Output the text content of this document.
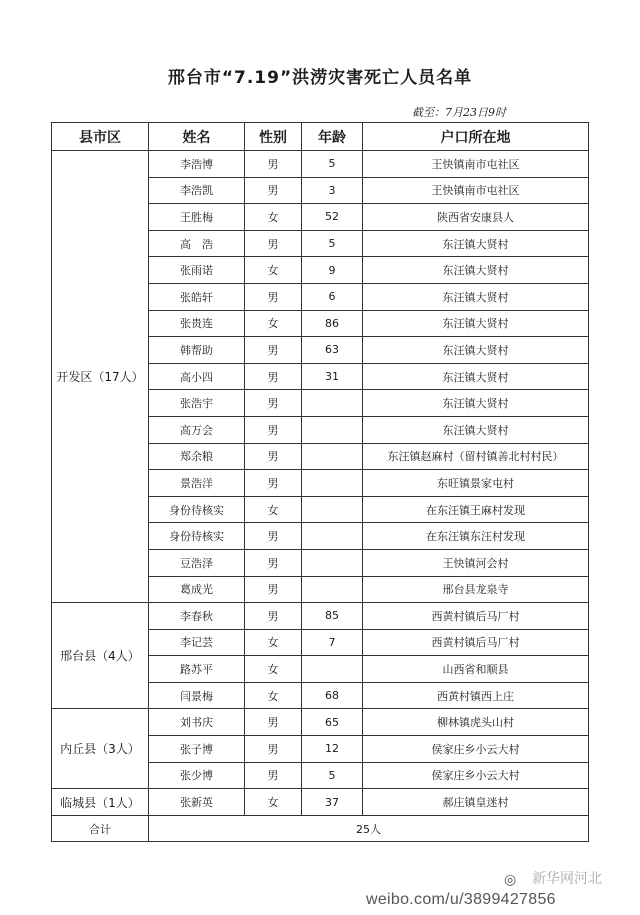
邢台市“7.19”洪涝灾害死亡人员名单
截至：7月23日9时
县市区	姓名	性别	年龄	户口所在地
开发区（17人）	李浩博	男	5	王快镇南市屯社区
	李浩凯	男	3	王快镇南市屯社区
	王胜梅	女	52	陕西省安康县人
	高　浩	男	5	东汪镇大贤村
	张雨诺	女	9	东汪镇大贤村
	张皓轩	男	6	东汪镇大贤村
	张贵连	女	86	东汪镇大贤村
	韩帮助	男	63	东汪镇大贤村
	高小四	男	31	东汪镇大贤村
	张浩宇	男		东汪镇大贤村
	高万会	男		东汪镇大贤村
	郑余粮	男		东汪镇赵麻村（留村镇善北村村民）
	景浩洋	男		东旺镇景家屯村
	身份待核实	女		在东汪镇王麻村发现
	身份待核实	男		在东汪镇东汪村发现
	豆浩泽	男		王快镇河会村
	葛成光	男		邢台县龙泉寺
邢台县（4人）	李春秋	男	85	西黄村镇后马厂村
	李记芸	女	7	西黄村镇后马厂村
	路苏平	女		山西省和顺县
	闫景梅	女	68	西黄村镇西上庄
内丘县（3人）	刘书庆	男	65	柳林镇虎头山村
	张子博	男	12	侯家庄乡小云大村
	张少博	男	5	侯家庄乡小云大村
临城县（1人）	张新英	女	37	郝庄镇皇迷村
合计	25人			
◎	新华网河北
weibo.com/u/3899427856
